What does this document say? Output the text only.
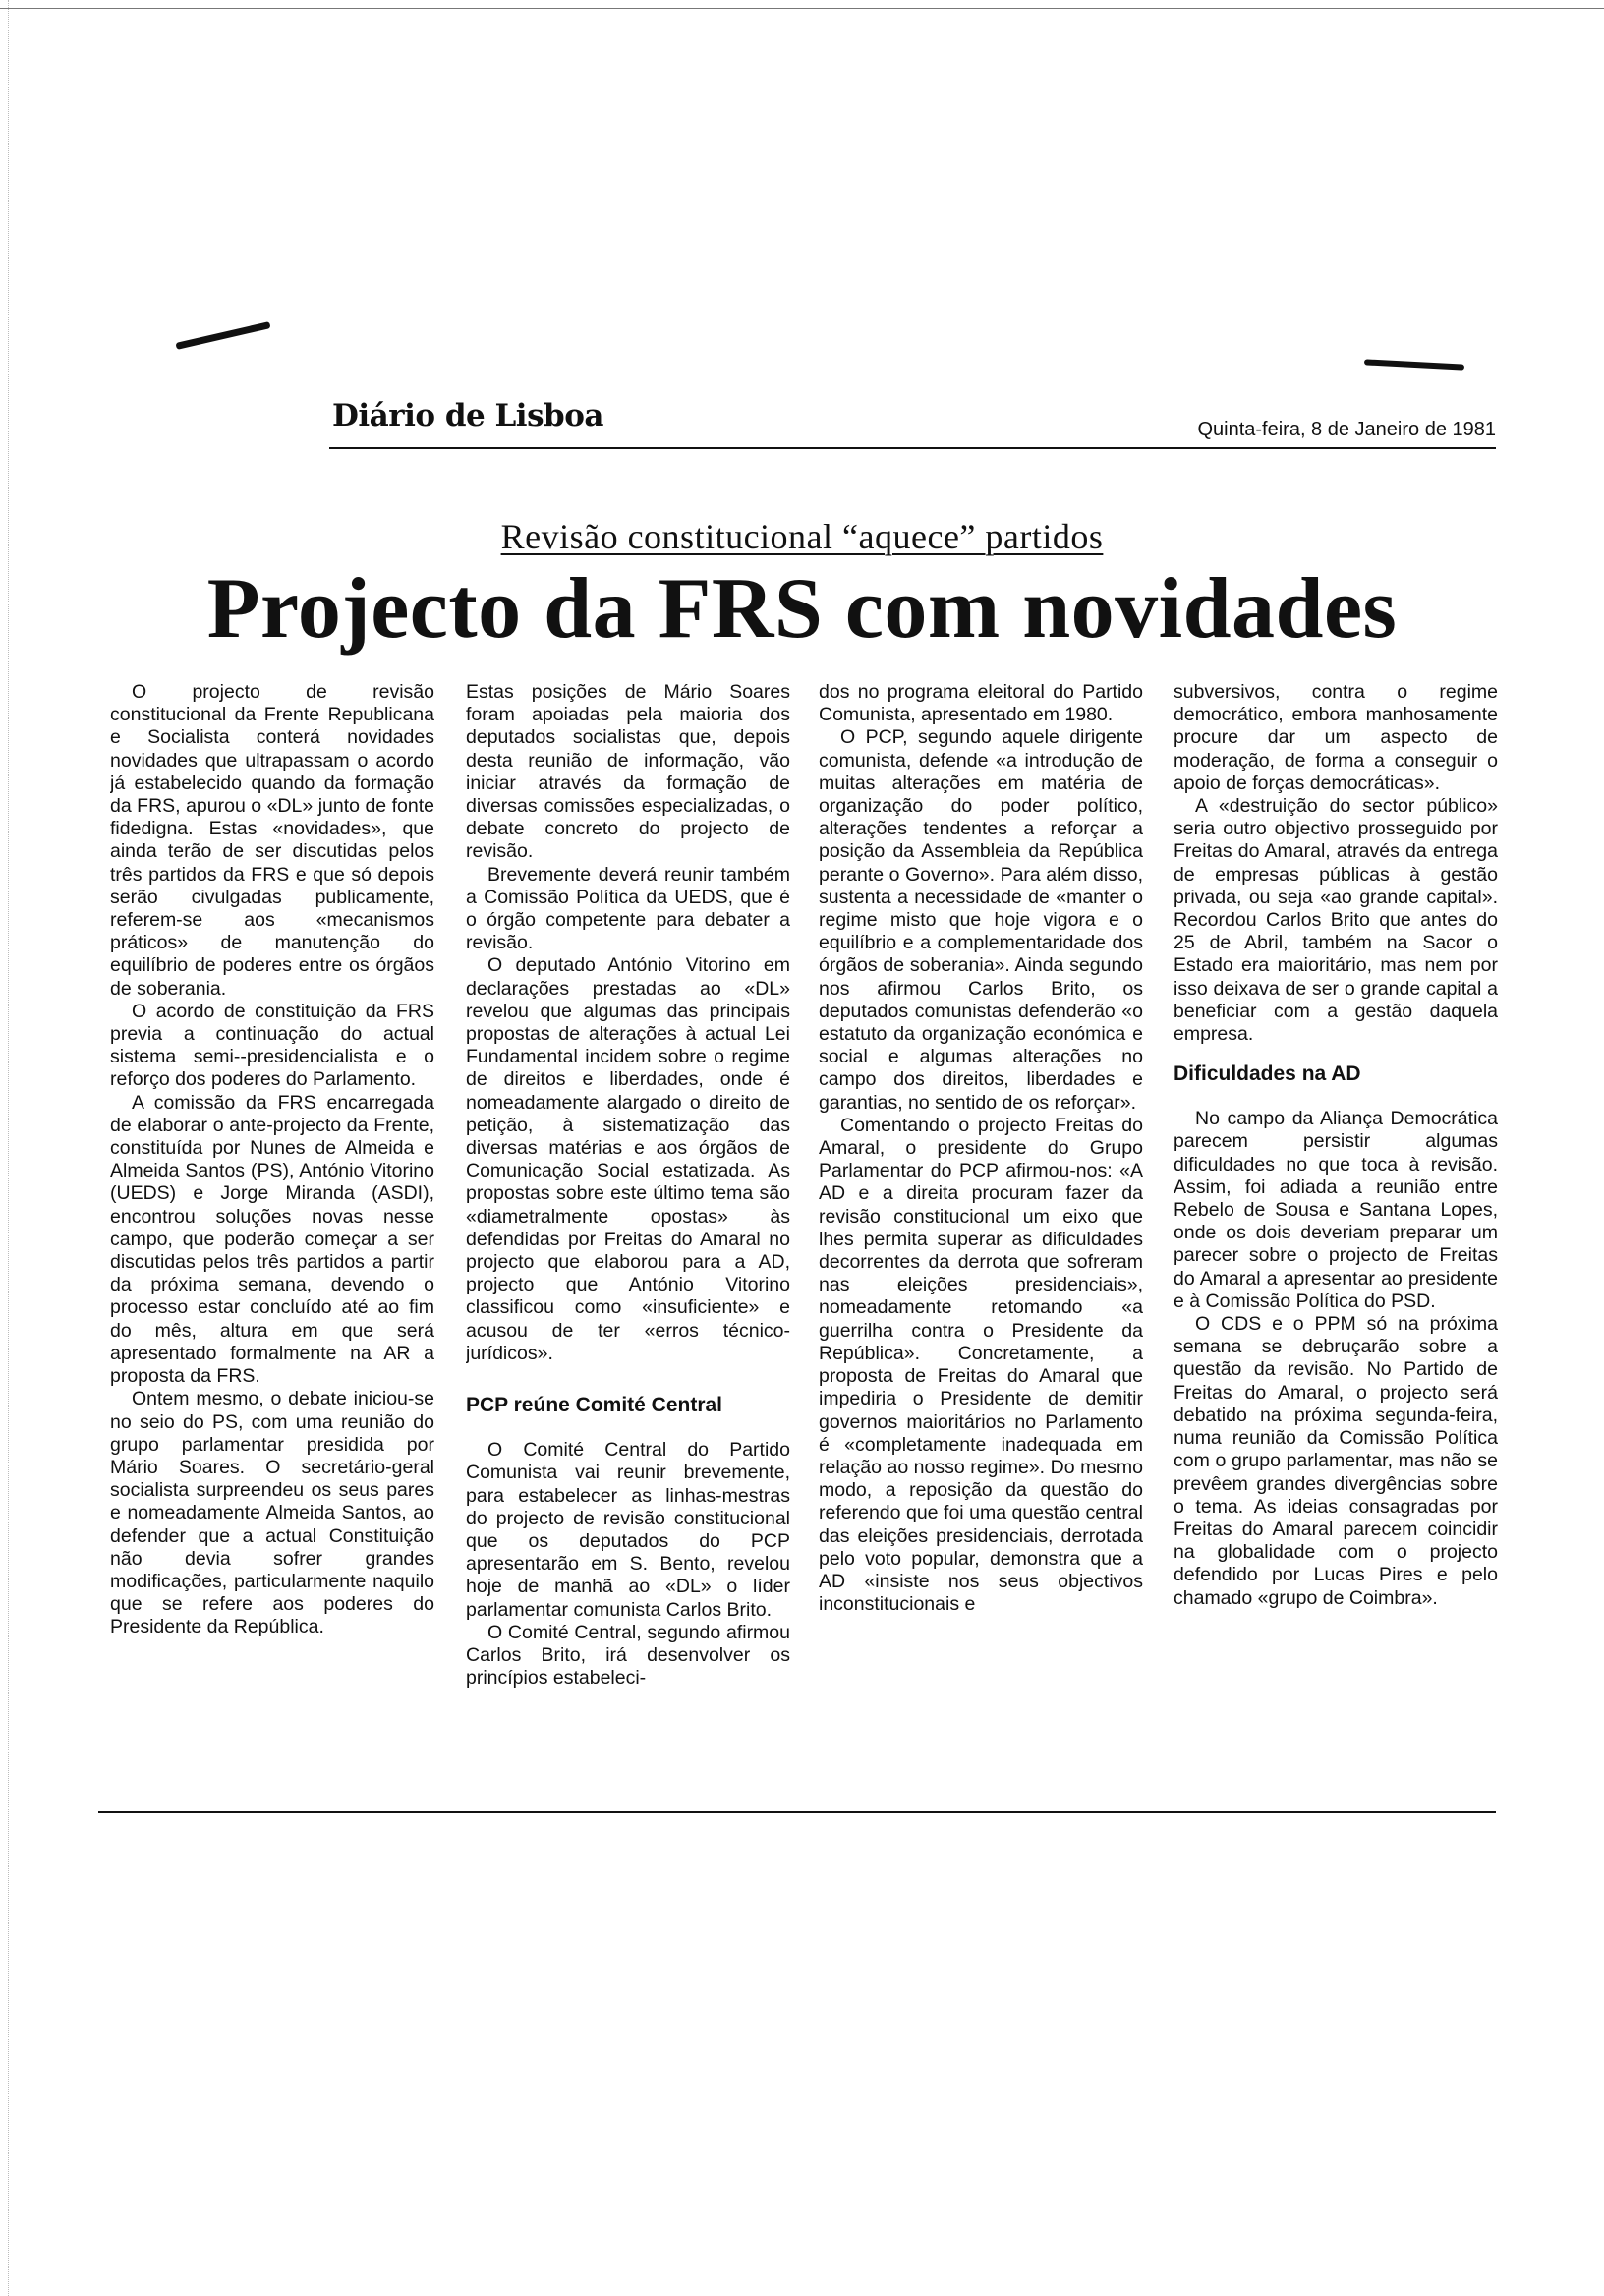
Diário de Lisboa	Quinta-feira, 8 de Janeiro de 1981
Revisão constitucional “aquece” partidos
Projecto da FRS com novidades

O projecto de revisão constitucional da Frente Republicana e Socialista conterá novidades novidades que ultrapassam o acordo já estabelecido quando da formação da FRS, apurou o «DL» junto de fonte fidedigna. Estas «novidades», que ainda terão de ser discutidas pelos três partidos da FRS e que só depois serão civulgadas publicamente, referem-se aos «mecanismos práticos» de manutenção do equilíbrio de poderes entre os órgãos de soberania.

O acordo de constituição da FRS previa a continuação do actual sistema semi--presidencialista e o reforço dos poderes do Parlamento.

A comissão da FRS encarregada de elaborar o ante-projecto da Frente, constituída por Nunes de Almeida e Almeida Santos (PS), António Vitorino (UEDS) e Jorge Miranda (ASDI), encontrou soluções novas nesse campo, que poderão começar a ser discutidas pelos três partidos a partir da próxima semana, devendo o processo estar concluído até ao fim do mês, altura em que será apresentado formalmente na AR a proposta da FRS.

Ontem mesmo, o debate iniciou-se no seio do PS, com uma reunião do grupo parlamentar presidida por Mário Soares. O secretário-geral socialista surpreendeu os seus pares e nomeadamente Almeida Santos, ao defender que a actual Constituição não devia sofrer grandes modificações, particularmente naquilo que se refere aos poderes do Presidente da República.

Estas posições de Mário Soares foram apoiadas pela maioria dos deputados socialistas que, depois desta reunião de informação, vão iniciar através da formação de diversas comissões especializadas, o debate concreto do projecto de revisão.

Brevemente deverá reunir também a Comissão Política da UEDS, que é o órgão competente para debater a revisão.

O deputado António Vitorino em declarações prestadas ao «DL» revelou que algumas das principais propostas de alterações à actual Lei Fundamental incidem sobre o regime de direitos e liberdades, onde é nomeadamente alargado o direito de petição, à sistematização das diversas matérias e aos órgãos de Comunicação Social estatizada. As propostas sobre este último tema são «diametralmente opostas» às defendidas por Freitas do Amaral no projecto que elaborou para a AD, projecto que António Vitorino classificou como «insuficiente» e acusou de ter «erros técnico-jurídicos».

PCP reúne Comité Central

O Comité Central do Partido Comunista vai reunir brevemente, para estabelecer as linhas-mestras do projecto de revisão constitucional que os deputados do PCP apresentarão em S. Bento, revelou hoje de manhã ao «DL» o líder parlamentar comunista Carlos Brito.

O Comité Central, segundo afirmou Carlos Brito, irá desenvolver os princípios estabeleci-

dos no programa eleitoral do Partido Comunista, apresentado em 1980.

O PCP, segundo aquele dirigente comunista, defende «a introdução de muitas alterações em matéria de organização do poder político, alterações tendentes a reforçar a posição da Assembleia da República perante o Governo». Para além disso, sustenta a necessidade de «manter o regime misto que hoje vigora e o equilíbrio e a complementaridade dos órgãos de soberania». Ainda segundo nos afirmou Carlos Brito, os deputados comunistas defenderão «o estatuto da organização económica e social e algumas alterações no campo dos direitos, liberdades e garantias, no sentido de os reforçar».

Comentando o projecto Freitas do Amaral, o presidente do Grupo Parlamentar do PCP afirmou-nos: «A AD e a direita procuram fazer da revisão constitucional um eixo que lhes permita superar as dificuldades decorrentes da derrota que sofreram nas eleições presidenciais», nomeadamente retomando «a guerrilha contra o Presidente da República». Concretamente, a proposta de Freitas do Amaral que impediria o Presidente de demitir governos maioritários no Parlamento é «completamente inadequada em relação ao nosso regime». Do mesmo modo, a reposição da questão do referendo que foi uma questão central das eleições presidenciais, derrotada pelo voto popular, demonstra que a AD «insiste nos seus objectivos inconstitucionais e

subversivos, contra o regime democrático, embora manhosamente procure dar um aspecto de moderação, de forma a conseguir o apoio de forças democráticas».

A «destruição do sector público» seria outro objectivo prosseguido por Freitas do Amaral, através da entrega de empresas públicas à gestão privada, ou seja «ao grande capital». Recordou Carlos Brito que antes do 25 de Abril, também na Sacor o Estado era maioritário, mas nem por isso deixava de ser o grande capital a beneficiar com a gestão daquela empresa.

Dificuldades na AD

No campo da Aliança Democrática parecem persistir algumas dificuldades no que toca à revisão. Assim, foi adiada a reunião entre Rebelo de Sousa e Santana Lopes, onde os dois deveriam preparar um parecer sobre o projecto de Freitas do Amaral a apresentar ao presidente e à Comissão Política do PSD.

O CDS e o PPM só na próxima semana se debruçarão sobre a questão da revisão. No Partido de Freitas do Amaral, o projecto será debatido na próxima segunda-feira, numa reunião da Comissão Política com o grupo parlamentar, mas não se prevêem grandes divergências sobre o tema. As ideias consagradas por Freitas do Amaral parecem coincidir na globalidade com o projecto defendido por Lucas Pires e pelo chamado «grupo de Coimbra».
